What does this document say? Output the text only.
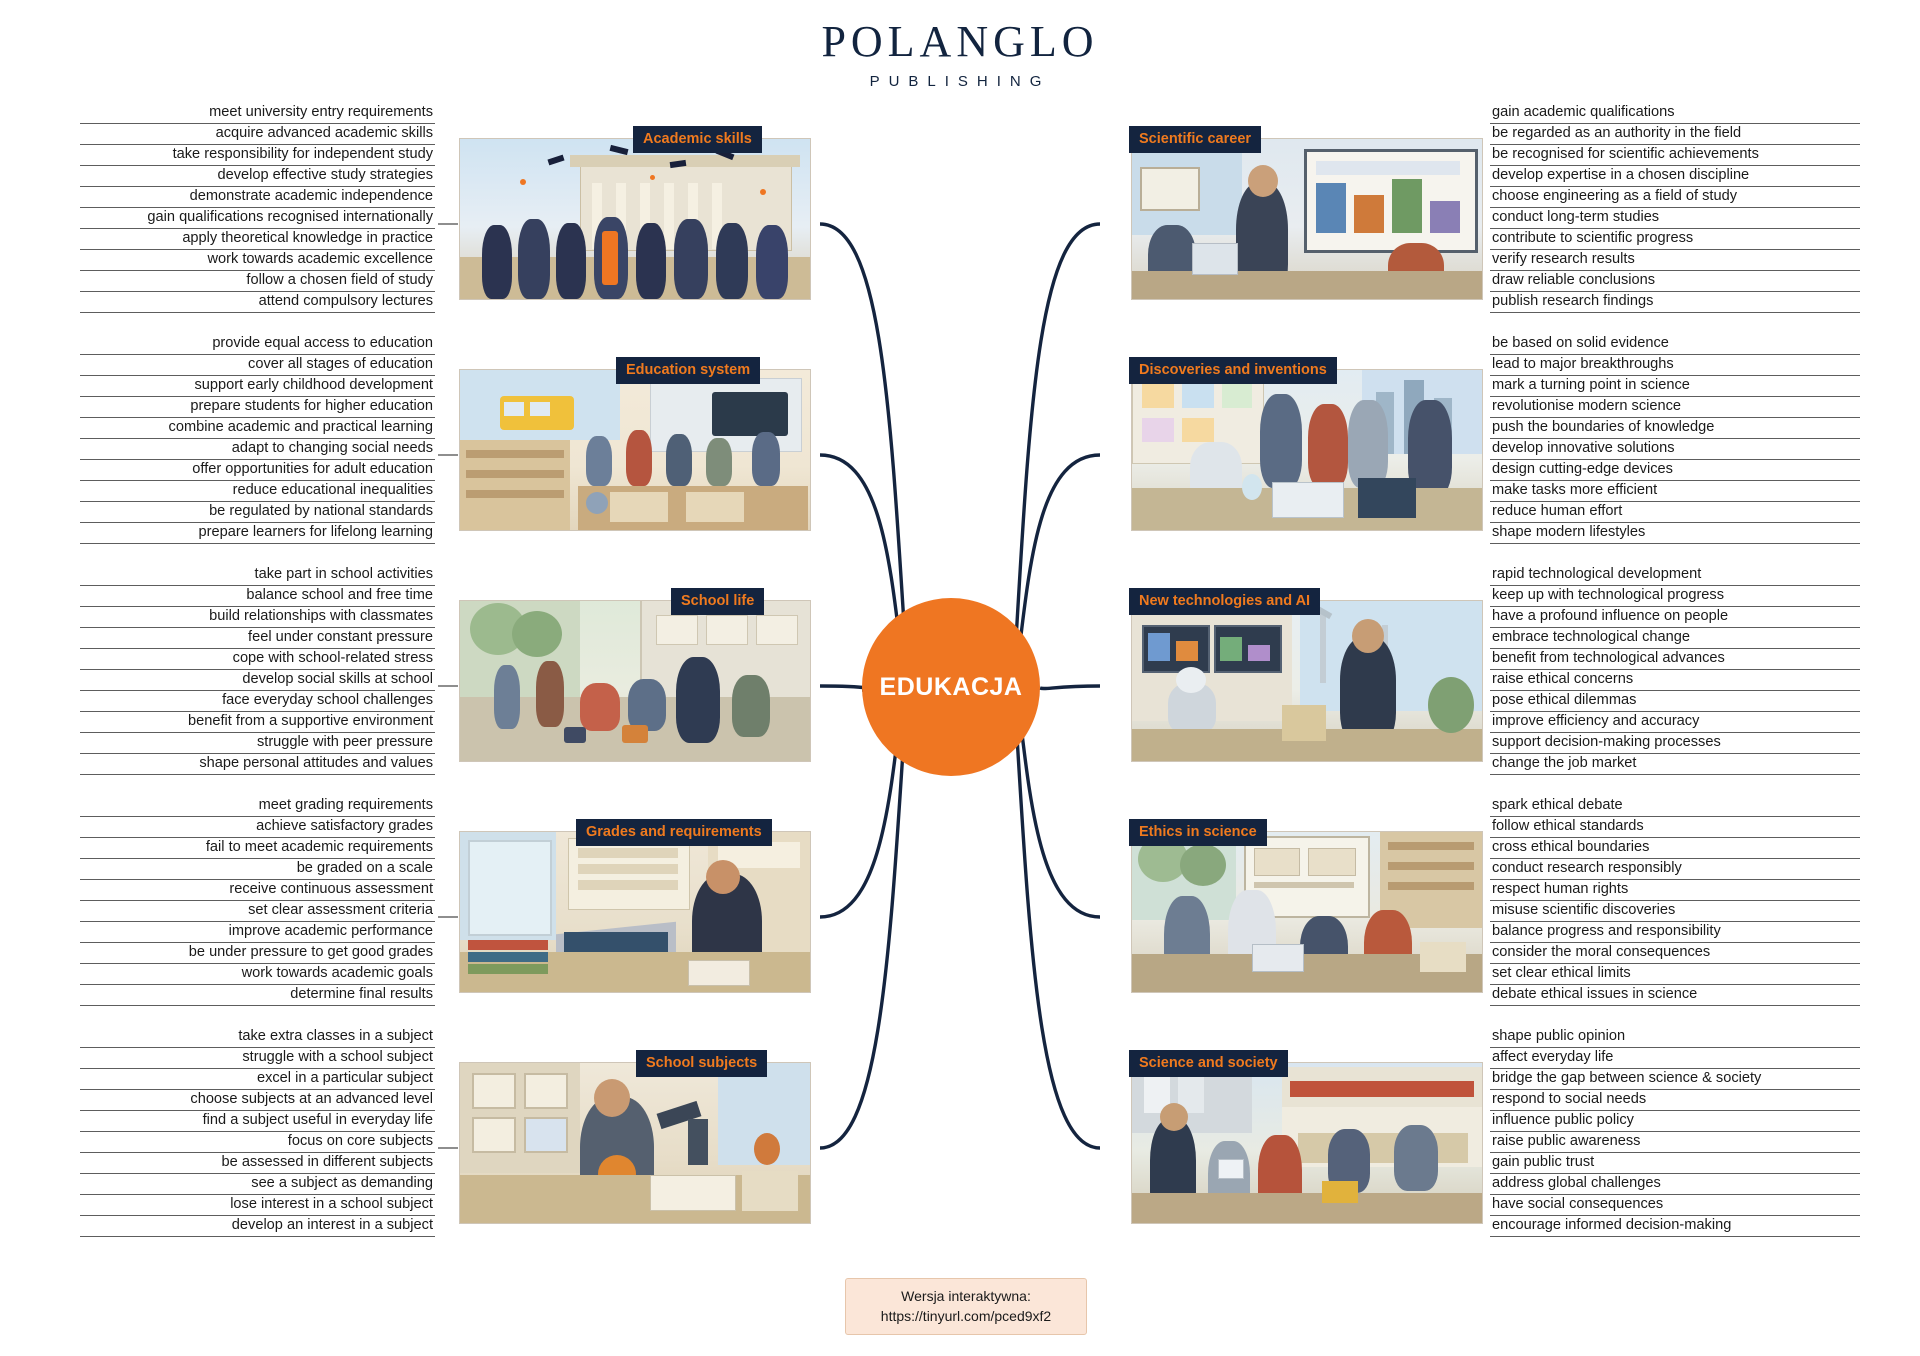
POLANGLO
PUBLISHING
EDUKACJA
meet university entry requirements
acquire advanced academic skills
take responsibility for independent study
develop effective study strategies
demonstrate academic independence
gain qualifications recognised internationally
apply theoretical knowledge in practice
work towards academic excellence
follow a chosen field of study
attend compulsory lectures
Academic skills
provide equal access to education
cover all stages of education
support early childhood development
prepare students for higher education
combine academic and practical learning
adapt to changing social needs
offer opportunities for adult education
reduce educational inequalities
be regulated by national standards
prepare learners for lifelong learning
Education system
take part in school activities
balance school and free time
build relationships with classmates
feel under constant pressure
cope with school-related stress
develop social skills at school
face everyday school challenges
benefit from a supportive environment
struggle with peer pressure
shape personal attitudes and values
School life
meet grading requirements
achieve satisfactory grades
fail to meet academic requirements
be graded on a scale
receive continuous assessment
set clear assessment criteria
improve academic performance
be under pressure to get good grades
work towards academic goals
determine final results
Grades and requirements
take extra classes in a subject
struggle with a school subject
excel in a particular subject
choose subjects at an advanced level
find a subject useful in everyday life
focus on core subjects
be assessed in different subjects
see a subject as demanding
lose interest in a school subject
develop an interest in a subject
School subjects
Scientific career
gain academic qualifications
be regarded as an authority in the field
be recognised for scientific achievements
develop expertise in a chosen discipline
choose engineering as a field of study
conduct long-term studies
contribute to scientific progress
verify research results
draw reliable conclusions
publish research findings
Discoveries and inventions
be based on solid evidence
lead to major breakthroughs
mark a turning point in science
revolutionise modern science
push the boundaries of knowledge
develop innovative solutions
design cutting-edge devices
make tasks more efficient
reduce human effort
shape modern lifestyles
New technologies and AI
rapid technological development
keep up with technological progress
have a profound influence on people
embrace technological change
benefit from technological advances
raise ethical concerns
pose ethical dilemmas
improve efficiency and accuracy
support decision-making processes
change the job market
Ethics in science
spark ethical debate
follow ethical standards
cross ethical boundaries
conduct research responsibly
respect human rights
misuse scientific discoveries
balance progress and responsibility
consider the moral consequences
set clear ethical limits
debate ethical issues in science
Science and society
shape public opinion
affect everyday life
bridge the gap between science & society
respond to social needs
influence public policy
raise public awareness
gain public trust
address global challenges
have social consequences
encourage informed decision-making
Wersja interaktywna:
https://tinyurl.com/pced9xf2
